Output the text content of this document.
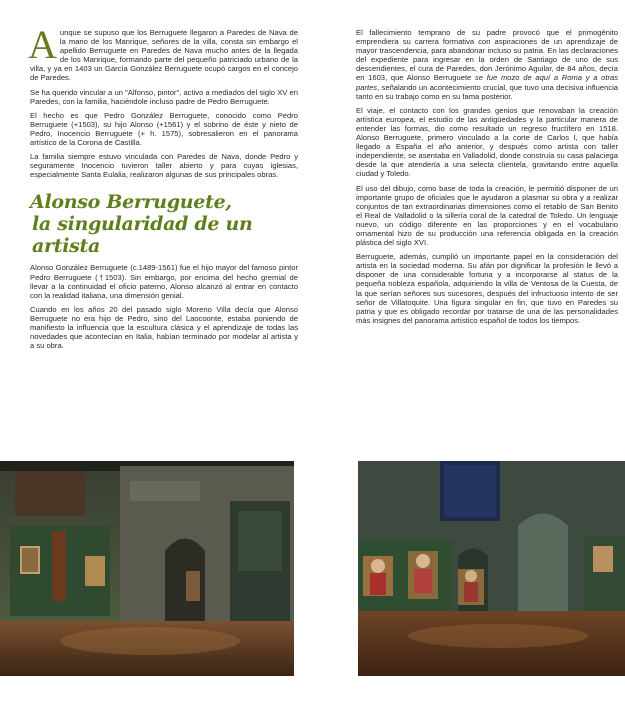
A unque se supuso que los Berruguete llegaron a Paredes de Nava de la mano de los Manrique, señores de la villa, consta sin embargo el apellido Berruguete en Paredes de Nava mucho antes de la llegada de los Manrique, formando parte del pequeño patriciado urbano de la villa, y ya en 1403 un García González Berruguete ocupó cargos en el concejo de Paredes.

Se ha querido vincular a un "Alfonso, pintor", activo a mediados del siglo XV en Paredes, con la familia, haciéndole incluso padre de Pedro Berruguete.

El hecho es que Pedro González Berruguete, conocido como Pedro Berruguete (+1503), su hijo Alonso (+1561) y el sobrino de éste y nieto de Pedro, Inocencio Berruguete (+ h. 1575), sobresalieron en el panorama artístico de la Corona de Castilla.

La familia siempre estuvo vinculada con Paredes de Nava, donde Pedro y seguramente Inocencio tuvieron taller abierto y para cuyas iglesias, especialmente Santa Eulalia, realizaron algunas de sus principales obras.

Alonso Berruguete,
la singularidad de un artista

Alonso González Berruguete (c.1489-1561) fue el hijo mayor del famoso pintor Pedro Berruguete (†1503). Sin embargo, por encima del hecho gremial de llevar a la continuidad el oficio paterno, Alonso alcanzó al entrar en contacto con la realidad italiana, una dimensión genial.

Cuando en los años 20 del pasado siglo Moreno Villa decía que Alonso Berruguete no era hijo de Pedro, sino del Laocoonte, estaba poniendo de manifiesto la influencia que la escultura clásica y el aprendizaje de todas las novedades que acontecían en Italia, habían terminado por modelar al artista y a su obra.

El fallecimiento temprano de su padre provocó que el primogénito emprendiera su carrera formativa con aspiraciones de un aprendizaje de mayor trascendencia, para abandonar incluso su patria. En las declaraciones del expediente para ingresar en la orden de Santiago de uno de sus descendientes, el cura de Paredes, don Jerónimo Aguilar, de 84 años, decía en 1603, que Alonso Berruguete se fue mozo de aquí a Roma y a otras partes, señalando un acontecimiento crucial, que tuvo una decisiva influencia tanto en su trabajo como en su fama posterior.

El viaje, el contacto con los grandes genios que renovaban la creación artística europea, el estudio de las antigüedades y la particular manera de entender las formas, dio como resultado un regreso fructífero en 1518. Alonso Berruguete, primero vinculado a la corte de Carlos I, que había llegado a España el año anterior, y después como artista con taller independiente, se asentaba en Valladolid, donde construía su casa palaciega desde la que atendería a una selecta clientela, gravitando entre aquella ciudad y Toledo.

El uso del dibujo, como base de toda la creación, le permitió disponer de un importante grupo de oficiales que le ayudaron a plasmar su obra y a realizar conjuntos de tan extraordinarias dimensiones como el retablo de San Benito el Real de Valladolid o la sillería coral de la catedral de Toledo. Un lenguaje nuevo, un código diferente en las proporciones y en el vocabulario ornamental hizo de su producción una referencia obligada en la creación plástica del siglo XVI.

Berruguete, además, cumplió un importante papel en la consideración del artista en la sociedad moderna. Su afán por dignificar la profesión le llevó a disponer de una considerable fortuna y a incorporarse al status de la pequeña nobleza española, adquiriendo la villa de Ventosa de la Cuesta, de la que serían señores sus sucesores, después del infructuoso intento de ser señor de Villatoquite. Una figura singular en fin, que tuvo en Paredes su patria y que es obligado recordar por tratarse de una de las personalidades más insignes del panorama artístico español de todos los tiempos.
